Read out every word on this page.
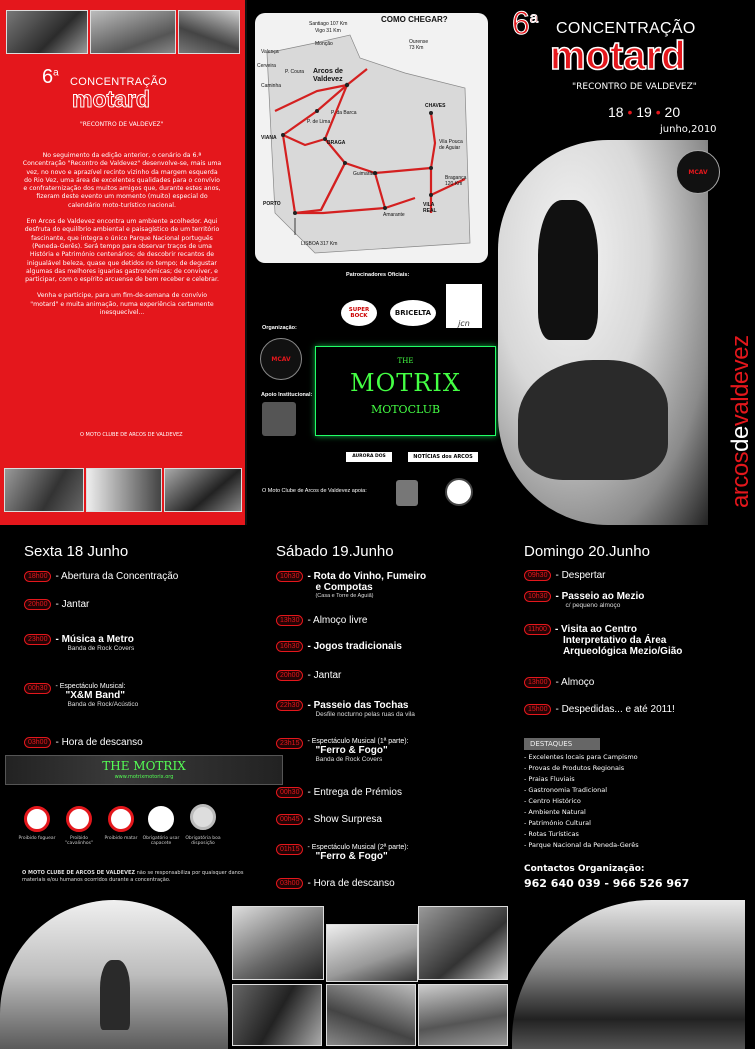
6$^a$
CONCENTRAÇÃO
motard
"RECONTRO DE VALDEVEZ"

No seguimento da edição anterior, o cenário da 6.ª Concentração "Recontro de Valdevez" desenvolve-se, mais uma vez, no novo e aprazível recinto vizinho da margem esquerda do Rio Vez, uma área de excelentes qualidades para o convívio e confraternização dos muitos amigos que, durante estes anos, fizeram deste evento um momento (muito) especial do calendário moto-turístico nacional.

Em Arcos de Valdevez encontra um ambiente acolhedor. Aqui desfruta do equilíbrio ambiental e paisagístico de um território fascinante, que integra o único Parque Nacional português (Peneda-Gerês). Será tempo para observar traços de uma História e Património centenários; de descobrir recantos de inigualável beleza, quase que detidos no tempo; de degustar algumas das melhores iguarias gastronómicas; de conviver, e participar, com o espírito arcuense de bem receber e celebrar.

Venha e participe, para um fim-de-semana de convívio "motard" e muita animação, numa experiência certamente inesquecível...

O MOTO CLUBE DE ARCOS DE VALDEVEZ
COMO CHEGAR?
Santiago 107 Km
Vigo 31 Km
Valença
Monção
Cerveira
Ourense
73 Km
P. Coura Arcos de
Valdevez
Caminha
P. da Barca
P. de Lima
VIANA
CHAVES
BRAGA	Vila Pouca
de Aguiar
Guimarães
Bragança
120 Km
VILA
REAL
Amarante
PORTO
LISBOA 317 Km
Patrocinadores Oficiais:
SUPER BOCK	BRICELTA
jcn
Organização:
MCAV
Apoio Institucional:
THE
MOTRIX
MOTOCLUB
AURORA DOS AROUENSES
NOTÍCIAS dos ARCOS
O Moto Clube de Arcos de Valdevez apoia:
6$^a$
CONCENTRAÇÃO
motard
"RECONTRO DE VALDEVEZ"
18 • 19 • 20
junho,2010
MCAV
arcosdevaldevez
Sexta 18 Junho
18h00 - Abertura da Concentração
20h00 - Jantar
23h00 - Música a Metro
Banda de Rock Covers
00h30	- Espectáculo Musical:
"X&M Band"
Banda de Rock/Acústico
03h00 - Hora de descanso
THE MOTRIX
www.motrixmotorix.org
Proibido foguear	Proibido "cavalinhos"
Proibido matar	Obrigatório usar capacete
Obrigatória boa disposição
O MOTO CLUBE DE ARCOS DE VALDEVEZ não se responsabiliza por quaisquer danos materiais e/ou humanos ocorridos durante a concentração.
Sábado 19.Junho
10h30 - Rota do Vinho, Fumeiro
e Compotas
(Casa e Torre de Aguiã)
13h30 - Almoço livre
16h30 - Jogos tradicionais
20h00 - Jantar
22h30 - Passeio das Tochas
Desfile nocturno pelas ruas da vila
23h15	- Espectáculo Musical (1ª parte):
"Ferro & Fogo"
Banda de Rock Covers
00h30 - Entrega de Prémios
00h45 - Show Surpresa
01h15	- Espectáculo Musical (2ª parte):
"Ferro & Fogo"
03h00 - Hora de descanso
Domingo 20.Junho
09h30 - Despertar
10h30 - Passeio ao Mezio
c/ pequeno almoço
11h00 - Visita ao Centro
Interpretativo da Área
Arqueológica Mezio/Gião
13h00 - Almoço
15h00 - Despedidas... e até 2011!
DESTAQUES
- Excelentes locais para Campismo
- Provas de Produtos Regionais
- Praias Fluviais
- Gastronomia Tradicional
- Centro Histórico
- Ambiente Natural
- Património Cultural
- Rotas Turísticas
- Parque Nacional da Peneda-Gerês
Contactos Organização:
962 640 039 - 966 526 967
